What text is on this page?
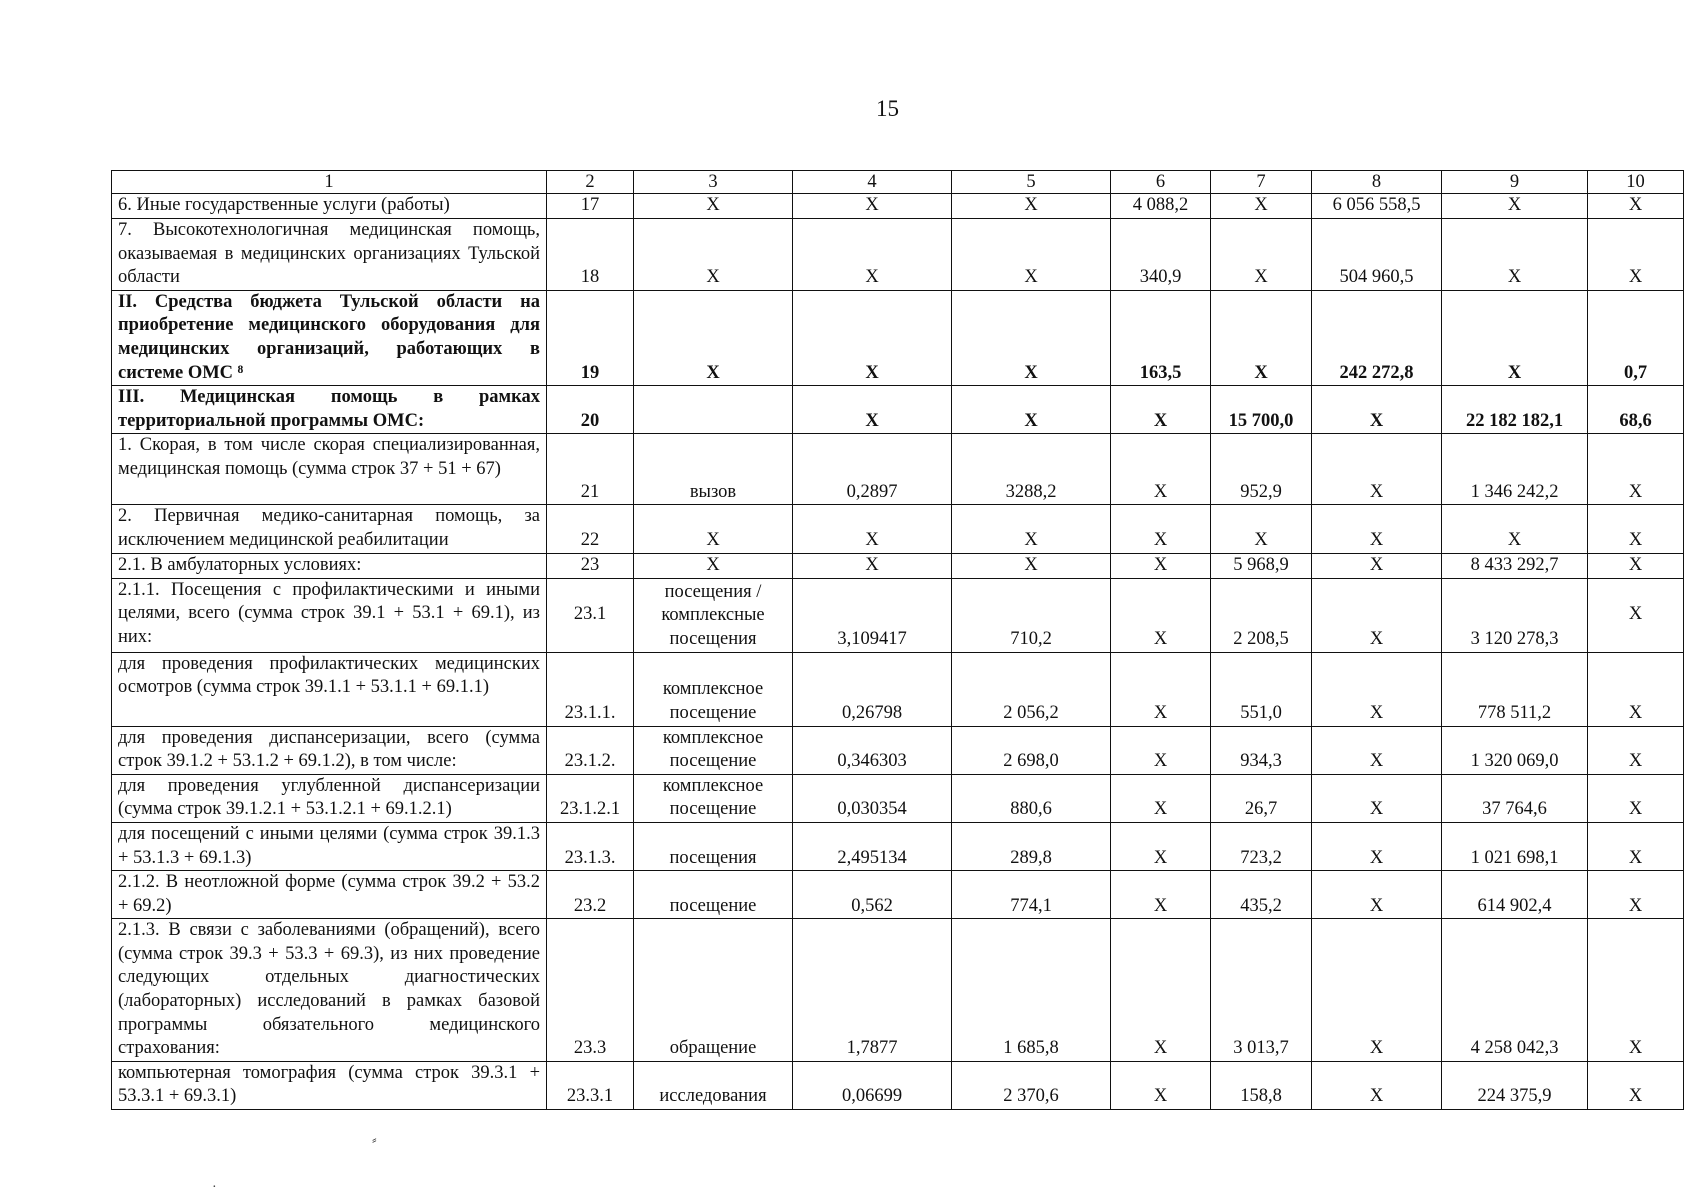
15
1	2	3	4	5	6	7	8	9	10
6. Иные государственные услуги (работы)	17	X	X	X	4 088,2	X	6 056 558,5	X	X
7. Высокотехнологичная медицинская помощь, оказываемая в медицинских организациях Тульской области	18	X	X	X	340,9	X	504 960,5	X	X
II. Средства бюджета Тульской области на приобретение медицинского оборудования для медицинских организаций, работающих в системе ОМС ⁸	19	X	X	X	163,5	X	242 272,8	X	0,7
III. Медицинская помощь в рамках территориальной программы ОМС:	20		X	X	X	15 700,0	X	22 182 182,1	68,6
1. Скорая, в том числе скорая специализированная, медицинская помощь (сумма строк 37 + 51 + 67)	21	вызов	0,2897	3288,2	X	952,9	X	1 346 242,2	X
2. Первичная медико-санитарная помощь, за исключением медицинской реабилитации	22	X	X	X	X	X	X	X	X
2.1. В амбулаторных условиях:	23	X	X	X	X	5 968,9	X	8 433 292,7	X
2.1.1. Посещения с профилактическими и иными целями, всего (сумма строк 39.1 + 53.1 + 69.1), из них:	23.1	посещения / комплексные посещения	3,109417	710,2	X	2 208,5	X	3 120 278,3	X
для проведения профилактических медицинских осмотров (сумма строк 39.1.1 + 53.1.1 + 69.1.1)	23.1.1.	комплексное посещение	0,26798	2 056,2	X	551,0	X	778 511,2	X
для проведения диспансеризации, всего (сумма строк 39.1.2 + 53.1.2 + 69.1.2), в том числе:	23.1.2.	комплексное посещение	0,346303	2 698,0	X	934,3	X	1 320 069,0	X
для проведения углубленной диспансеризации (сумма строк 39.1.2.1 + 53.1.2.1 + 69.1.2.1)	23.1.2.1	комплексное посещение	0,030354	880,6	X	26,7	X	37 764,6	X
для посещений с иными целями (сумма строк 39.1.3 + 53.1.3 + 69.1.3)	23.1.3.	посещения	2,495134	289,8	X	723,2	X	1 021 698,1	X
2.1.2. В неотложной форме (сумма строк 39.2 + 53.2 + 69.2)	23.2	посещение	0,562	774,1	X	435,2	X	614 902,4	X
2.1.3. В связи с заболеваниями (обращений), всего (сумма строк 39.3 + 53.3 + 69.3), из них проведение следующих отдельных диагностических (лабораторных) исследований в рамках базовой программы обязательного медицинского страхования:	23.3	обращение	1,7877	1 685,8	X	3 013,7	X	4 258 042,3	X
компьютерная томография (сумма строк 39.3.1 + 53.3.1 + 69.3.1)	23.3.1	исследования	0,06699	2 370,6	X	158,8	X	224 375,9	X
⸗
·
